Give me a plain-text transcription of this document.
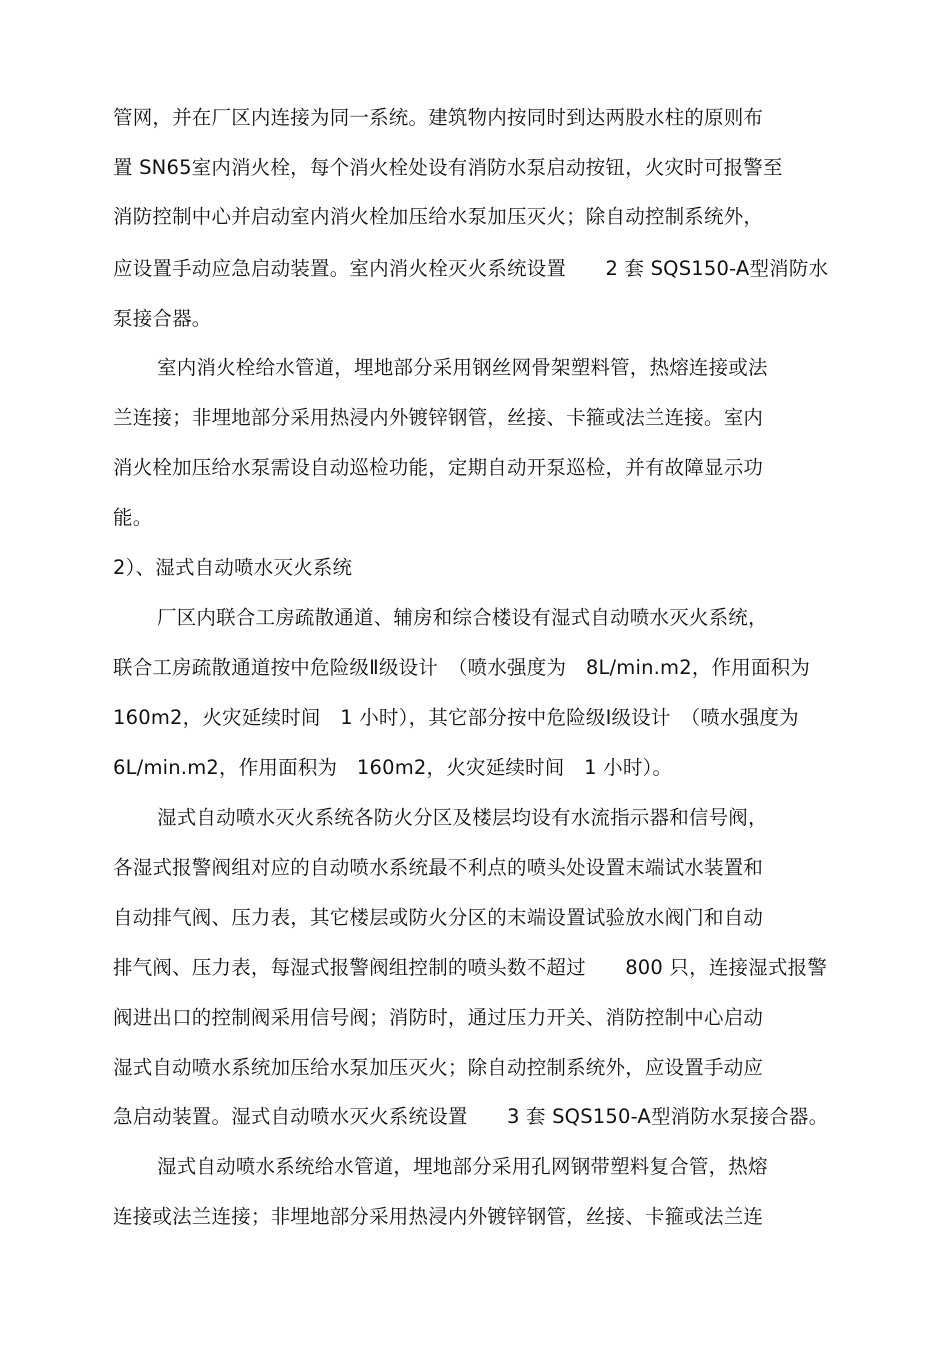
管网，并在厂区内连接为同一系统。建筑物内按同时到达两股水柱的原则布
置 SN65室内消火栓，每个消火栓处设有消防水泵启动按钮，火灾时可报警至
消防控制中心并启动室内消火栓加压给水泵加压灭火；除自动控制系统外，
应设置手动应急启动装置。室内消火栓灭火系统设置　　2 套 SQS150-A型消防水
泵接合器。
室内消火栓给水管道，埋地部分采用钢丝网骨架塑料管，热熔连接或法
兰连接；非埋地部分采用热浸内外镀锌钢管，丝接、卡箍或法兰连接。室内
消火栓加压给水泵需设自动巡检功能，定期自动开泵巡检，并有故障显示功
能。
2）、湿式自动喷水灭火系统
厂区内联合工房疏散通道、辅房和综合楼设有湿式自动喷水灭火系统，
联合工房疏散通道按中危险级Ⅱ级设计　（喷水强度为　8L/min.m2，作用面积为
160m2，火灾延续时间　1 小时），其它部分按中危险级Ⅰ级设计　（喷水强度为
6L/min.m2，作用面积为　160m2，火灾延续时间　1 小时）。
湿式自动喷水灭火系统各防火分区及楼层均设有水流指示器和信号阀，
各湿式报警阀组对应的自动喷水系统最不利点的喷头处设置末端试水装置和
自动排气阀、压力表，其它楼层或防火分区的末端设置试验放水阀门和自动
排气阀、压力表，每湿式报警阀组控制的喷头数不超过　　800 只，连接湿式报警
阀进出口的控制阀采用信号阀；消防时，通过压力开关、消防控制中心启动
湿式自动喷水系统加压给水泵加压灭火；除自动控制系统外，应设置手动应
急启动装置。湿式自动喷水灭火系统设置　　3 套 SQS150-A型消防水泵接合器。
湿式自动喷水系统给水管道，埋地部分采用孔网钢带塑料复合管，热熔
连接或法兰连接；非埋地部分采用热浸内外镀锌钢管，丝接、卡箍或法兰连
